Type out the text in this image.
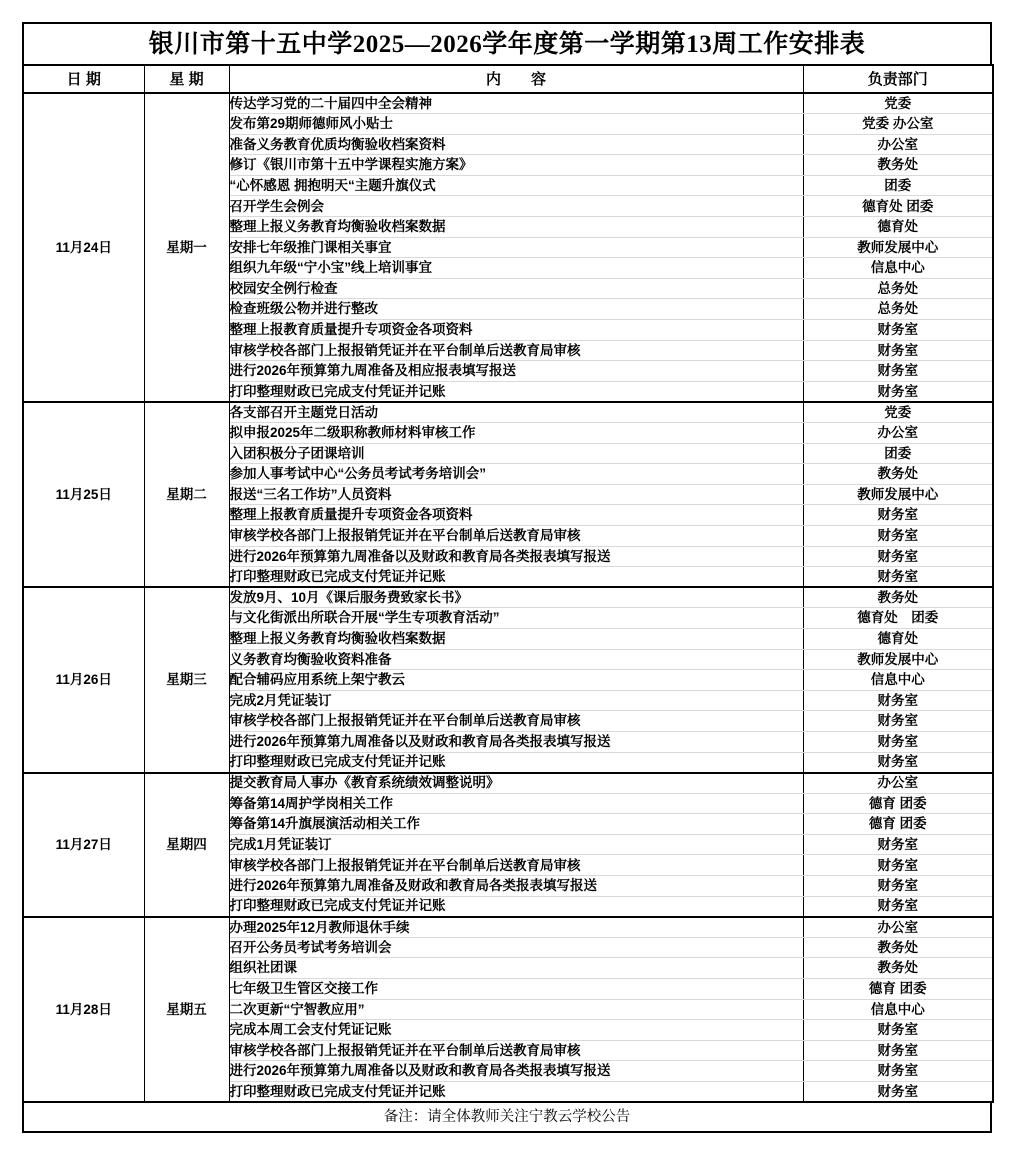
银川市第十五中学2025—2026学年度第一学期第13周工作安排表
日 期	星 期	内　　容	负责部门
11月24日	星期一	传达学习党的二十届四中全会精神	党委
		发布第29期师德师风小贴士	党委 办公室
		准备义务教育优质均衡验收档案资料	办公室
		修订《银川市第十五中学课程实施方案》	教务处
		“心怀感恩 拥抱明天“主题升旗仪式	团委
		召开学生会例会	德育处 团委
		整理上报义务教育均衡验收档案数据	德育处
		安排七年级推门课相关事宜	教师发展中心
		组织九年级“宁小宝”线上培训事宜	信息中心
		校园安全例行检查	总务处
		检查班级公物并进行整改	总务处
		整理上报教育质量提升专项资金各项资料	财务室
		审核学校各部门上报报销凭证并在平台制单后送教育局审核	财务室
		进行2026年预算第九周准备及相应报表填写报送	财务室
		打印整理财政已完成支付凭证并记账	财务室
11月25日	星期二	各支部召开主题党日活动	党委
		拟申报2025年二级职称教师材料审核工作	办公室
		入团积极分子团课培训	团委
		参加人事考试中心“公务员考试考务培训会”	教务处
		报送“三名工作坊”人员资料	教师发展中心
		整理上报教育质量提升专项资金各项资料	财务室
		审核学校各部门上报报销凭证并在平台制单后送教育局审核	财务室
		进行2026年预算第九周准备以及财政和教育局各类报表填写报送	财务室
		打印整理财政已完成支付凭证并记账	财务室
11月26日	星期三	发放9月、10月《课后服务费致家长书》	教务处
		与文化街派出所联合开展“学生专项教育活动”	德育处　团委
		整理上报义务教育均衡验收档案数据	德育处
		义务教育均衡验收资料准备	教师发展中心
		配合辅码应用系统上架宁教云	信息中心
		完成2月凭证装订	财务室
		审核学校各部门上报报销凭证并在平台制单后送教育局审核	财务室
		进行2026年预算第九周准备以及财政和教育局各类报表填写报送	财务室
		打印整理财政已完成支付凭证并记账	财务室
11月27日	星期四	提交教育局人事办《教育系统绩效调整说明》	办公室
		筹备第14周护学岗相关工作	德育 团委
		筹备第14升旗展演活动相关工作	德育 团委
		完成1月凭证装订	财务室
		审核学校各部门上报报销凭证并在平台制单后送教育局审核	财务室
		进行2026年预算第九周准备及财政和教育局各类报表填写报送	财务室
		打印整理财政已完成支付凭证并记账	财务室
11月28日	星期五	办理2025年12月教师退休手续	办公室
		召开公务员考试考务培训会	教务处
		组织社团课	教务处
		七年级卫生管区交接工作	德育 团委
		二次更新“宁智教应用”	信息中心
		完成本周工会支付凭证记账	财务室
		审核学校各部门上报报销凭证并在平台制单后送教育局审核	财务室
		进行2026年预算第九周准备以及财政和教育局各类报表填写报送	财务室
		打印整理财政已完成支付凭证并记账	财务室
备注：请全体教师关注宁教云学校公告
